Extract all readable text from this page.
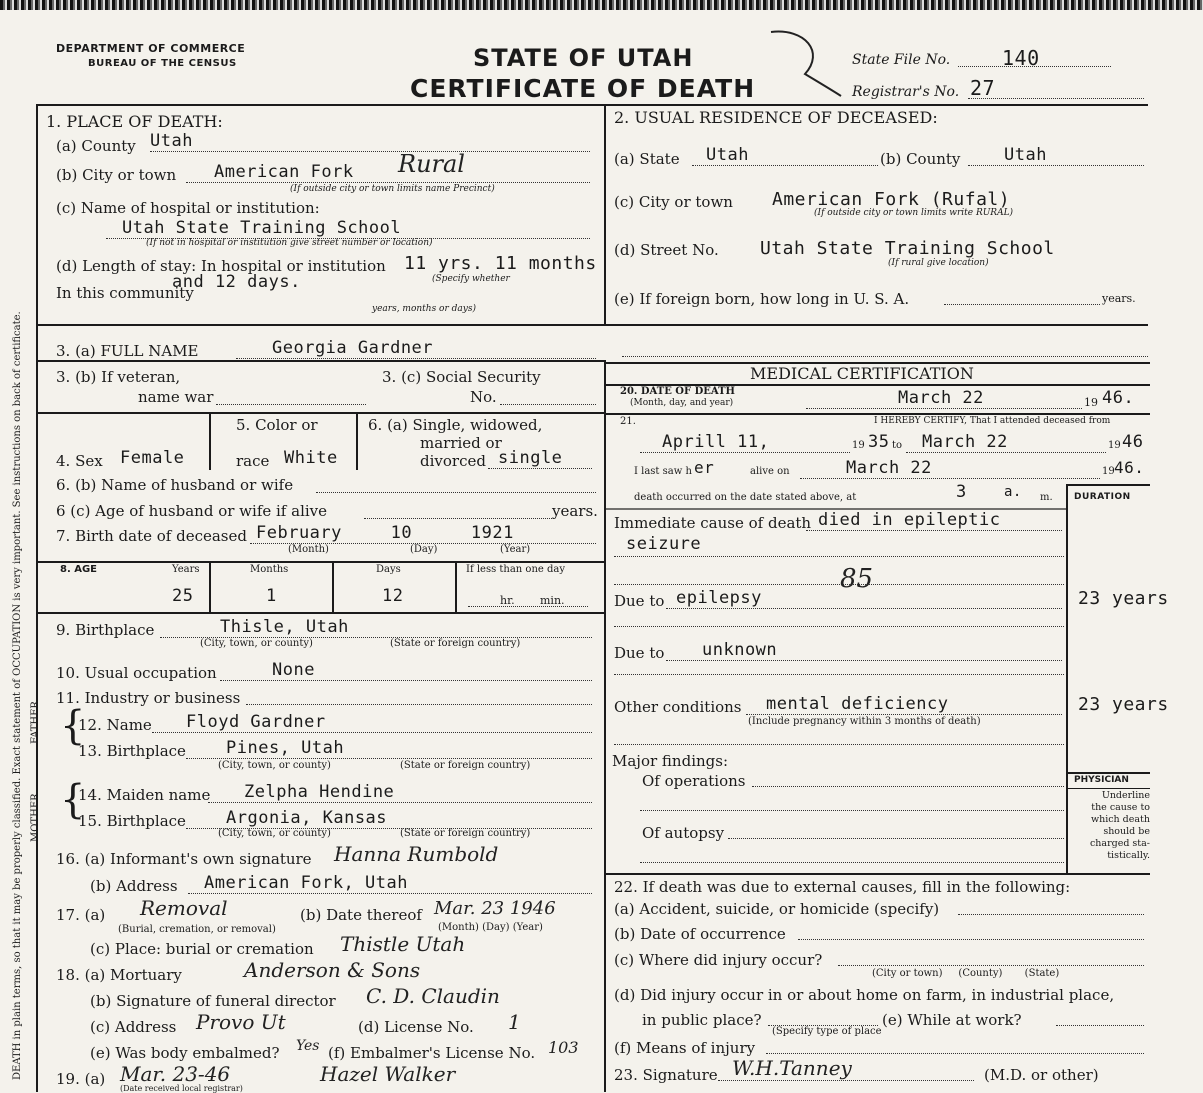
DEATH in plain terms, so that it may be properly classified. Exact statement of OCCUPATION is very important. See instructions on back of certificate.
DEPARTMENT OF COMMERCE
BUREAU OF THE CENSUS	STATE OF UTAH
CERTIFICATE OF DEATH
State File No.	140
Registrar's No. 27
1. PLACE OF DEATH:
(a) County Utah
(b) City or town	American Fork	Rural
(If outside city or town limits name Precinct)
(c) Name of hospital or institution:
Utah State Training School
(If not in hospital or institution give street number or location)
(d) Length of stay: In hospital or institution 11 yrs. 11 months
(Specify whether
In this community
and 12 days.
years, months or days)
2. USUAL RESIDENCE OF DECEASED:
(a) State	Utah	(b) County	Utah
(c) City or town American Fork (Rufal)
(If outside city or town limits write RURAL)
(d) Street No. Utah State Training School
(If rural give location)
(e) If foreign born, how long in U. S. A.	years.
3. (a) FULL NAME	Georgia Gardner
3. (b) If veteran,
name war
3. (c) Social Security
No.
4. Sex Female
5. Color or
race White
6. (a) Single, widowed,
married or
divorced single
6. (b) Name of husband or wife
6 (c) Age of husband or wife if alive	years.
7. Birth date of deceased February	10	1921
(Month)	(Day)	(Year)
8. AGE	Years	Months	Days	If less than one day
25	1	12	hr. min.
9. Birthplace	Thisle, Utah
(City, town, or county)	(State or foreign country)
10. Usual occupation	None
11. Industry or business
FATHER {
12. Name	Floyd Gardner
13. Birthplace	Pines, Utah
(City, town, or county)	(State or foreign country)
MOTHER {
14. Maiden name	Zelpha Hendine
15. Birthplace	Argonia, Kansas
(City, town, or county)	(State or foreign country)
16. (a) Informant's own signature Hanna Rumbold
(b) Address	American Fork, Utah
17. (a) Removal	(b) Date thereof Mar. 23 1946
(Burial, cremation, or removal)	(Month) (Day) (Year)
(c) Place: burial or cremation Thistle Utah
18. (a) Mortuary	Anderson & Sons
(b) Signature of funeral director C. D. Claudin
(c) Address Provo Ut	(d) License No. 1
(e) Was body embalmed? Yes (f) Embalmer's License No. 103
19. (a) Mar. 23-46	Hazel Walker
(Date received local registrar)
MEDICAL CERTIFICATION
20. DATE OF DEATH
(Month, day, and year)	March 22	19 46.
21.	I HEREBY CERTIFY, That I attended deceased from
Aprill 11,	19 35 to	March 22	19 46
I last saw h er	alive on	March 22	19 46.
death occurred on the date stated above, at	3	a. m. DURATION
Immediate cause of death died in epileptic
seizure
Due to epilepsy
85
23 years
Due to	unknown
Other conditions	mental deficiency
(Include pregnancy within 3 months of death)
23 years
Major findings:
Of operations
Of autopsy
PHYSICIAN
Underline
the cause to
which death
should be
charged sta-
tistically.
22. If death was due to external causes, fill in the following:
(a) Accident, suicide, or homicide (specify)
(b) Date of occurrence
(c) Where did injury occur?
(City or town)     (County)       (State)
(d) Did injury occur in or about home on farm, in industrial place,
in public place?
(Specify type of place
(e) While at work?
(f) Means of injury
23. Signature W.H.Tanney	(M.D. or other)
